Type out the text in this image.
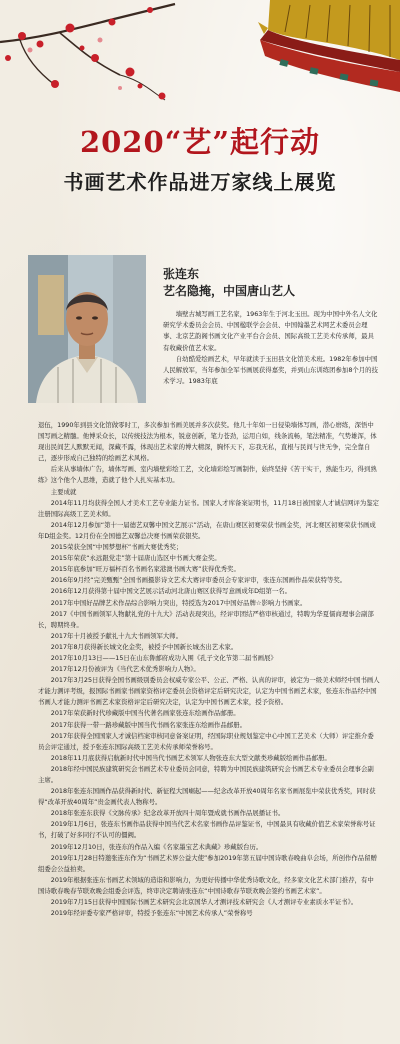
2020“艺”起行动
书画艺术作品进万家线上展览
张连东
艺名隐掩，中国唐山艺人

墙壁古城写画工艺名家，1963年生于河北玉田。现为中国中外名人文化研究学术委员会会员、中国楹联学会会员、中国翰墨艺术网艺术委员会理事、北京艺韵阁书画文化产业平台合会员、国际高级工艺美术传承师，最具有收藏价值艺术家。

自幼酷爱绘画艺术，早年就读于玉田县文化馆美术班。1982年参加中国人民解放军，当年参加全军书画展获得嘉奖，并到山东训练团参加8个月的技术学习。1983年底

退伍，1990年到县文化馆做零时工，多次参加书画美展并多次获奖。他几十年如一日侵染墙体写画，潜心磨练，深悟中国写画之精髓。他博采众长，以传统技法为根本，锐意创新，笔力苍劲，运用自如，线条流畅，笔法精准，气势雄浑，体现出民间艺人默默无闻，深藏不露，体现出艺术家的博大精深，胸怀天下，忘我无私，直根与民间与世无争，完全靠自己，逐步形成自己独特的绘画艺术风格。

后来从事墙体广告，墙体写画、室内墙壁彩绘工艺，文化墙彩绘写画制作，始终坚持《苦干实干，熟能生巧，得到熟练》这个他个人思维，造就了他个人扎实基本功。

主要成就

2014年11月均获得全国人才美术工艺专业能力证书。国家人才库备案证明书，11月18日被国家人才诚信网评为鉴定注册国际高级工艺美术师。

2014年12月参加“第十一届德艺双馨中国文艺展示”活动，在唐山赛区初赛荣获书画金奖，河北赛区初赛荣获书画成年D组金奖。12月份在全国德艺双馨总决赛书画荣获银奖。

2015荣获全国“中国梦想杯”书画大赛优秀奖；

2015年荣获“永远跟党走”第十届唐山选区中书画大赛金奖。

2015年底参加“旺万福杯百名书画名家港澳书画大赛”获得优秀奖。

2016年9月经“完美甄甄”全国书画摄影诗文艺术大赛评审委员会专家评审，张连东国画作品荣获特等奖。

2016年12月获得第十届中国文艺展示活动河北唐山赛区获得写意画成年D组第一名。

2017年中国好品牌艺术作品综合影响力突出，特授选为2017中国好品牌☆影响力书画家。

2017《中国书画领军人物献礼党的十九大》活动表现突出，经评审团结严格审核通过，特聘为华夏儒商理事会副部长，聘期终身。

2017年十月被授予献礼十九大书画领军大师。

2017年8月获得新长城文化金奖，被授予中国新长城杰出艺术家。

2017年10月13日——15日在山东鲁邮府成功入围《孔子文化节第二届书画展》

2017年12月份被评为《当代艺术优秀影响力人物》。

2017年3月25日获得全国书画级别委员会权威专家公平、公正、严格、认真的评审，被定为一级美术师经中国书画人才能力测评考级，报国际书画家书画家资格评定委员会资格评定后研究决定，认定为中国书画艺术家，张连东作品经中国书画人才能力测评书画艺术家资格评定后研究决定，认定为中国书画艺术家，授予资格。

2017年荣获新时代珍藏版中国当代著名画家张连东绘画作品邮册。

2017年获得一带一路珍藏版中国当代书画名家张连东绘画作品邮册。

2017年获得全国国家人才诚信档案审核同意备案证明，经国际职业规划鉴定中心中国工艺美术（大师）评定推介委员会评定通过，授予张连东国际高级工艺美术传承师荣誉称号。

2018年11月底获得启航新时代中国当代书画艺术领军人物张连东大型文献类珍藏版绘画作品邮册。

2018年经中国民族建筑研究会书画艺术专业委员会同意，特聘为中国民族建筑研究会书画艺术专业委员会理事会副主席。

2018年张连东国画作品获得新时代、新征程大国崛起——纪念改革开放40周年名家书画展览中荣获优秀奖，同时获得“改革开放40周年”贵金画代表人物称号。

2018年张连东获得《文脉传承》纪念改革开放四十周年暨成就书画作品展播证书。

2019年1月6日，张连东书画作品获得中国当代艺术名家书画作品评鉴证书，中国最具有收藏价值艺术家荣誉称号证书，打破了好多同行不认可的僵阙。

2019年12月10日，张连东的作品入编《名家墨宝艺术典藏》珍藏版台历。

2019年1月28日特邀张连东作为“书画艺术界公益大使”参加2019年第五届中国诗歌春晚曲阜会场，所创作作品留赠组委会公益拍卖。

2019年根据张连东书画艺术领域的造诣和影响力，为更好传播中华优秀诗歌文化，经多家文化艺术部门推荐，有中国诗歌春晚春节联欢晚会组委会评选，终审决定聘请张连东“中国诗歌春节联欢晚会签约书画艺术家”。

2019年7月15日获得中国国际书画艺术研究会北京国华人才测评技术研究会《人才测评专业素质水平证书》。

2019年经评委专家严格评审，特授予张连东“中国艺术传承人”荣誉称号
